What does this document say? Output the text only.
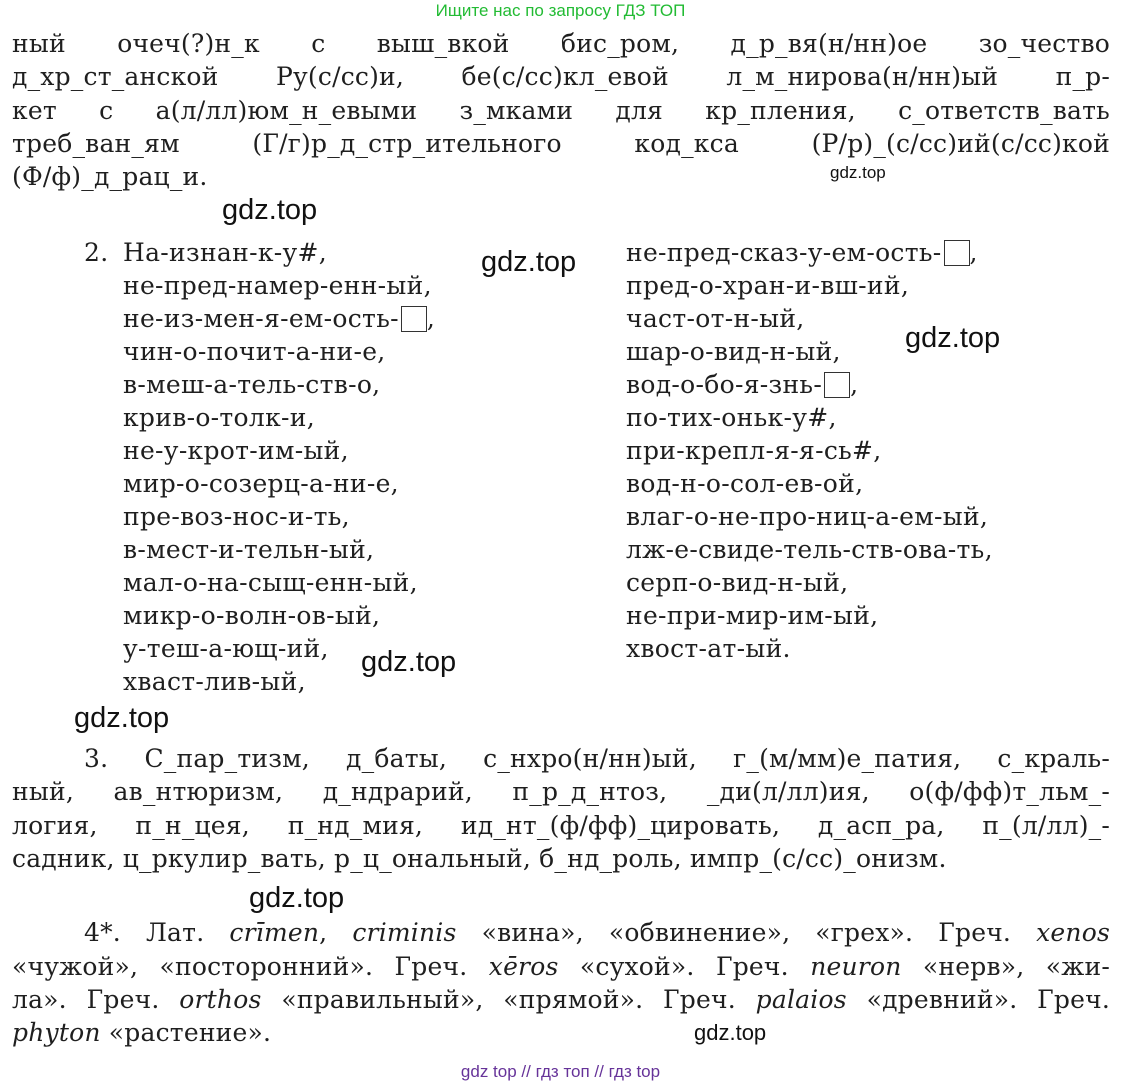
Ищите нас по запросу ГДЗ ТОП
ный очеч(?)н_к с выш_вкой бис_ром, д_р_вя(н/нн)ое зо_чество
д_хр_ст_анской Ру(с/сс)и, бе(с/сс)кл_евой л_м_нирова(н/нн)ый п_р-
кет с а(л/лл)юм_н_евыми з_мками для кр_пления, с_ответств_вать
треб_ван_ям (Г/г)р_д_стр_ительного код_кса (Р/р)_(с/сс)ий(с/сс)кой
(Ф/ф)_д_рац_и.
2. На-изнан-к-у#,
не-пред-намер-енн-ый,
не-из-мен-я-ем-ость- ,
чин-о-почит-а-ни-е,
в-меш-а-тель-ств-о,
крив-о-толк-и,
не-у-крот-им-ый,
мир-о-созерц-а-ни-е,
пре-воз-нос-и-ть,
в-мест-и-тельн-ый,
мал-о-на-сыщ-енн-ый,
микр-о-волн-ов-ый,
у-теш-а-ющ-ий,
хваст-лив-ый,
не-пред-сказ-у-ем-ость- ,
пред-о-хран-и-вш-ий,
част-от-н-ый,
шар-о-вид-н-ый,
вод-о-бо-я-знь- ,
по-тих-оньк-у#,
при-крепл-я-я-сь#,
вод-н-о-сол-ев-ой,
влаг-о-не-про-ниц-а-ем-ый,
лж-е-свиде-тель-ств-ова-ть,
серп-о-вид-н-ый,
не-при-мир-им-ый,
хвост-ат-ый.
3. С_пар_тизм, д_баты, с_нхро(н/нн)ый, г_(м/мм)е_патия, с_краль-
ный, ав_нтюризм, д_ндрарий, п_р_д_нтоз, _ди(л/лл)ия, о(ф/фф)т_льм_-
логия, п_н_цея, п_нд_мия, ид_нт_(ф/фф)_цировать, д_асп_ра, п_(л/лл)_-
садник, ц_ркулир_вать, р_ц_ональный, б_нд_роль, импр_(с/сс)_онизм.
4*. Лат. crīmen, criminis «вина», «обвинение», «грех». Греч. xenos
«чужой», «посторонний». Греч. xēros «сухой». Греч. neuron «нерв», «жи-
ла». Греч. orthos «правильный», «прямой». Греч. palaios «древний». Греч.
phyton «растение».
gdz.top
gdz.top
gdz.top
gdz.top
gdz.top
gdz.top
gdz.top
gdz.top
gdz top // гдз топ // гдз top
